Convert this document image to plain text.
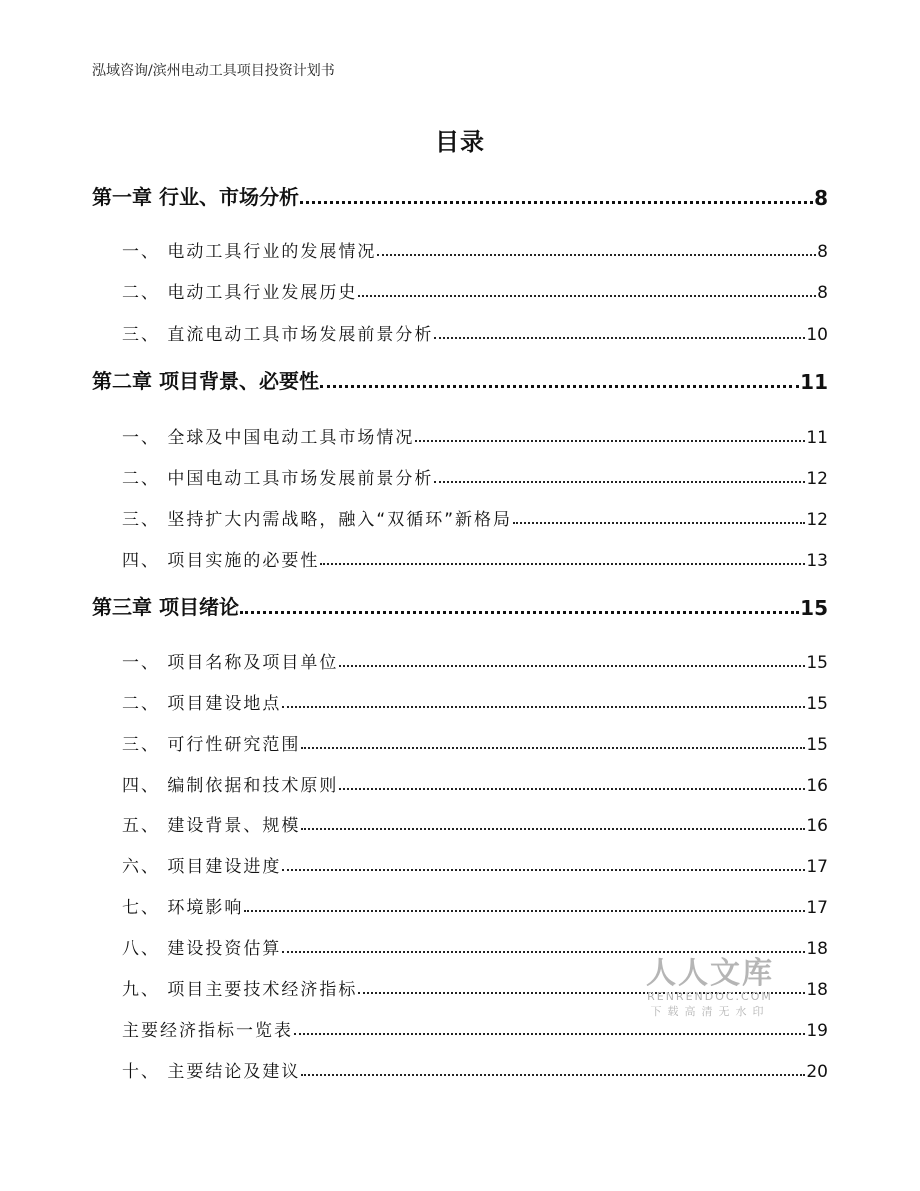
泓域咨询/滨州电动工具项目投资计划书
目录
第一章 行业、市场分析	8
一、 电动工具行业的发展情况	8
二、 电动工具行业发展历史	8
三、 直流电动工具市场发展前景分析	10
第二章 项目背景、必要性	11
一、 全球及中国电动工具市场情况	11
二、 中国电动工具市场发展前景分析	12
三、 坚持扩大内需战略，融入“双循环”新格局	12
四、 项目实施的必要性	13
第三章 项目绪论	15
一、 项目名称及项目单位	15
二、 项目建设地点	15
三、 可行性研究范围	15
四、 编制依据和技术原则	16
五、 建设背景、规模	16
六、 项目建设进度	17
七、 环境影响	17
八、 建设投资估算	18
九、 项目主要技术经济指标	18
主要经济指标一览表	19
十、 主要结论及建议	20
人人文库
RENRENDOC.COM
下载高清无水印
